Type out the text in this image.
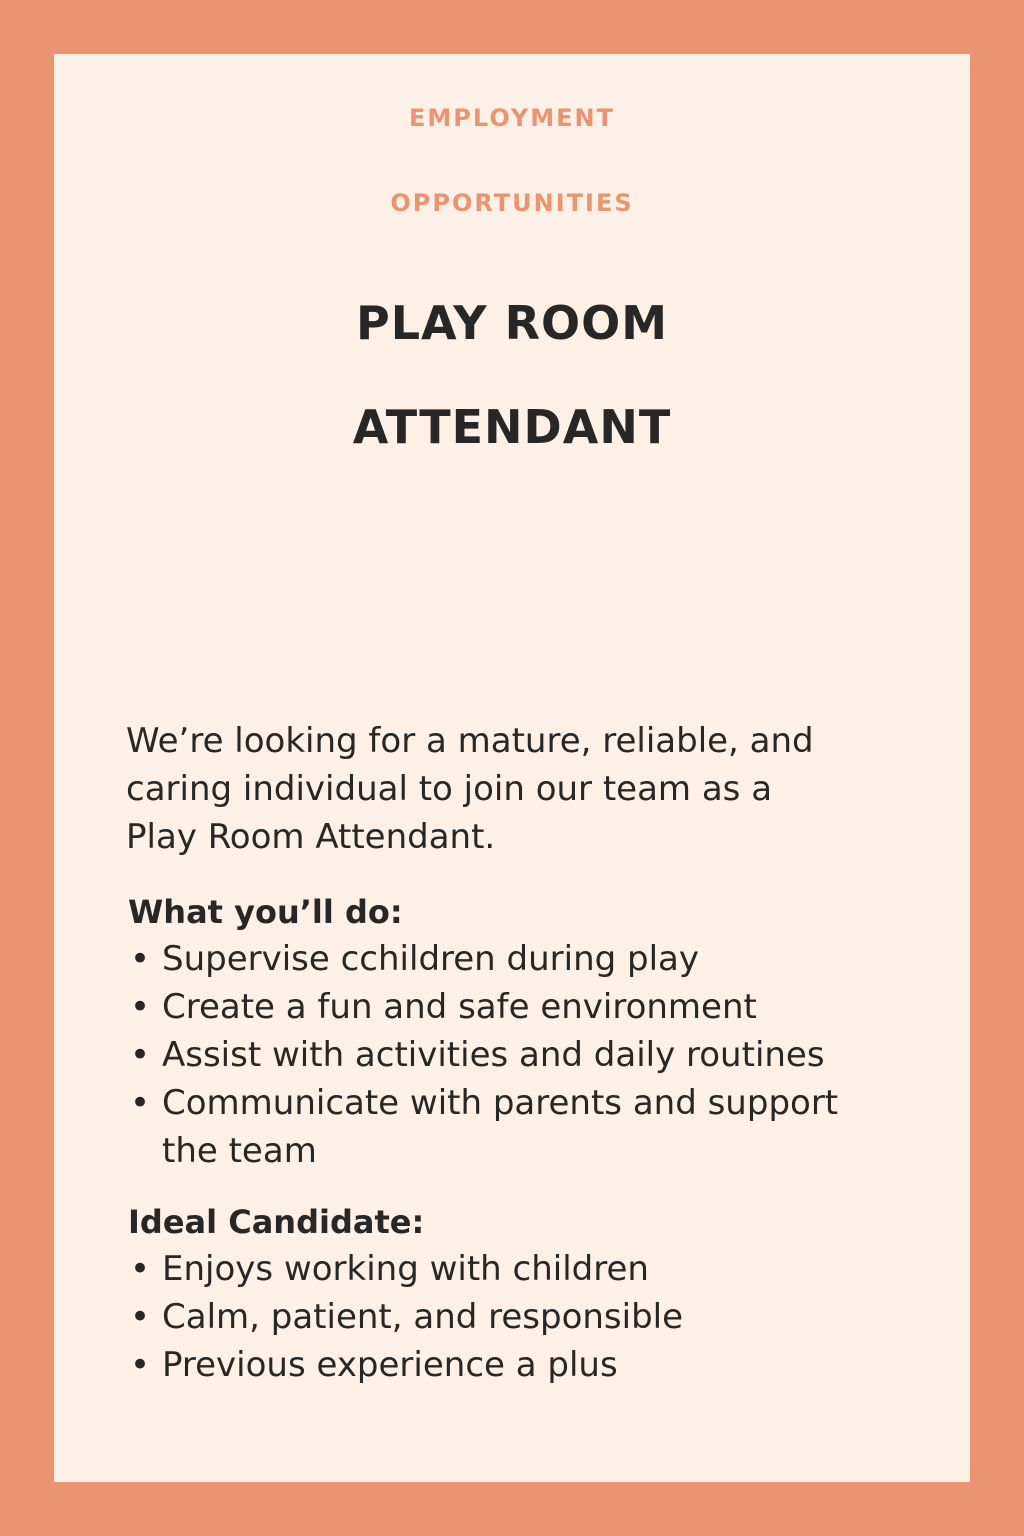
EMPLOYMENT
OPPORTUNITIES
PLAY ROOM
ATTENDANT
We’re looking for a mature, reliable, and
caring individual to join our team as a
Play Room Attendant.
What you’ll do:
• Supervise cchildren during play
• Create a fun and safe environment
• Assist with activities and daily routines
• Communicate with parents and support
the team
Ideal Candidate:
• Enjoys working with children
• Calm, patient, and responsible
• Previous experience a plus
